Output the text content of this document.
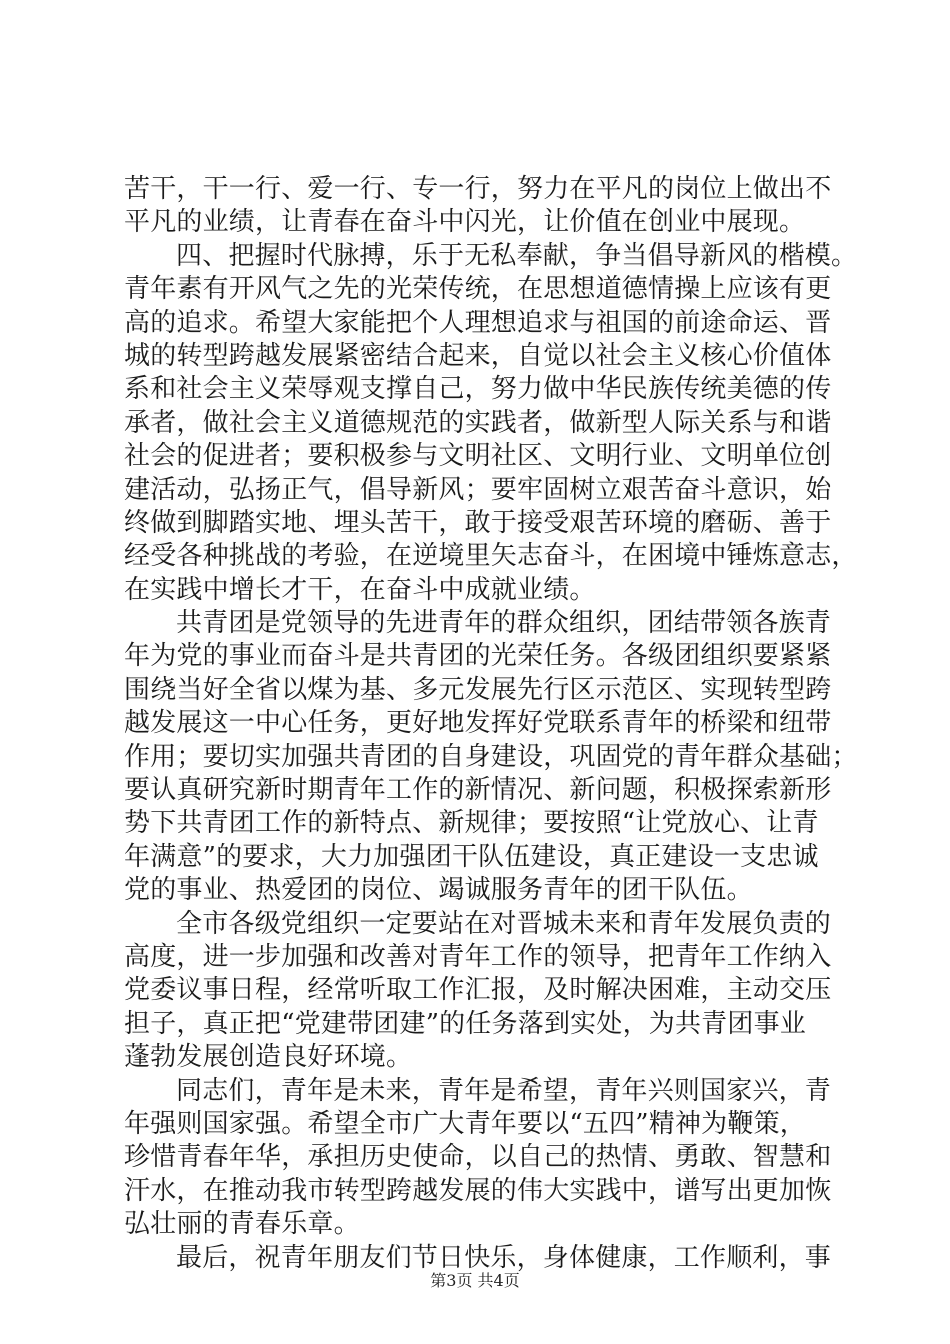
苦干，干一行、爱一行、专一行，努力在平凡的岗位上做出不
平凡的业绩，让青春在奋斗中闪光，让价值在创业中展现。
四、把握时代脉搏，乐于无私奉献，争当倡导新风的楷模。
青年素有开风气之先的光荣传统，在思想道德情操上应该有更
高的追求。希望大家能把个人理想追求与祖国的前途命运、晋
城的转型跨越发展紧密结合起来，自觉以社会主义核心价值体
系和社会主义荣辱观支撑自己，努力做中华民族传统美德的传
承者，做社会主义道德规范的实践者，做新型人际关系与和谐
社会的促进者；要积极参与文明社区、文明行业、文明单位创
建活动，弘扬正气，倡导新风；要牢固树立艰苦奋斗意识，始
终做到脚踏实地、埋头苦干，敢于接受艰苦环境的磨砺、善于
经受各种挑战的考验，在逆境里矢志奋斗，在困境中锤炼意志，
在实践中增长才干，在奋斗中成就业绩。
共青团是党领导的先进青年的群众组织，团结带领各族青
年为党的事业而奋斗是共青团的光荣任务。各级团组织要紧紧
围绕当好全省以煤为基、多元发展先行区示范区、实现转型跨
越发展这一中心任务，更好地发挥好党联系青年的桥梁和纽带
作用；要切实加强共青团的自身建设，巩固党的青年群众基础；
要认真研究新时期青年工作的新情况、新问题，积极探索新形
势下共青团工作的新特点、新规律；要按照“让党放心、让青
年满意”的要求，大力加强团干队伍建设，真正建设一支忠诚
党的事业、热爱团的岗位、竭诚服务青年的团干队伍。
全市各级党组织一定要站在对晋城未来和青年发展负责的
高度，进一步加强和改善对青年工作的领导，把青年工作纳入
党委议事日程，经常听取工作汇报，及时解决困难，主动交压
担子，真正把“党建带团建”的任务落到实处，为共青团事业
蓬勃发展创造良好环境。
同志们，青年是未来，青年是希望，青年兴则国家兴，青
年强则国家强。希望全市广大青年要以“五四”精神为鞭策，
珍惜青春年华，承担历史使命，以自己的热情、勇敢、智慧和
汗水，在推动我市转型跨越发展的伟大实践中，谱写出更加恢
弘壮丽的青春乐章。
最后，祝青年朋友们节日快乐，身体健康，工作顺利，事
第3页 共4页
